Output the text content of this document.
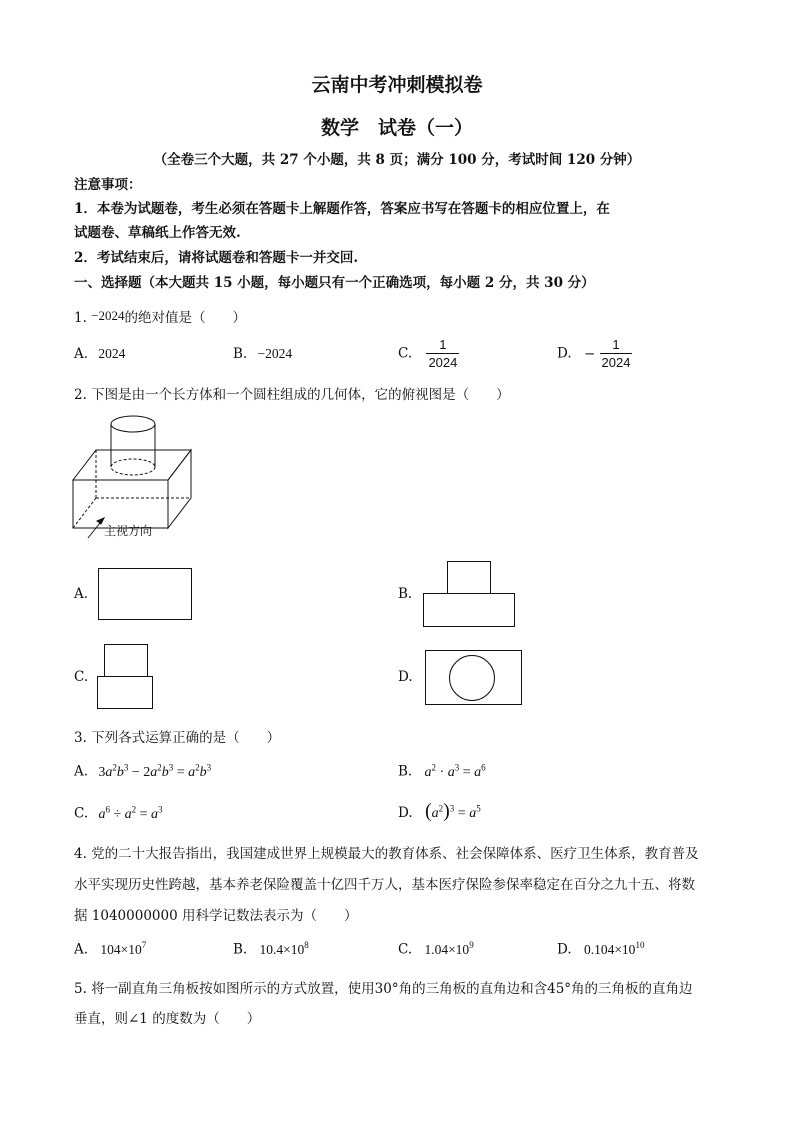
云南中考冲刺模拟卷
数学　试卷（一）
（全卷三个大题，共 27 个小题，共 8 页；满分 100 分，考试时间 120 分钟）
注意事项：
1．本卷为试题卷，考生必须在答题卡上解题作答，答案应书写在答题卡的相应位置上，在
试题卷、草稿纸上作答无效.
2．考试结束后，请将试题卷和答题卡一并交回.
一、选择题（本大题共 15 小题，每小题只有一个正确选项，每小题 2 分，共 30 分）
1. −2024的绝对值是（　　）
A. 2024	B. −2024	C. $\frac{1}{2024}$	D. − $\frac{1}{2024}$
2. 下图是由一个长方体和一个圆柱组成的几何体，它的俯视图是（　　）
主视方向
A.	B.
C.	D.
3. 下列各式运算正确的是（　　）
A. $3a^2b^3 - 2a^2b^3 = a^2b^3$	B. $a^2 \cdot a^3 = a^6$
C. $a^6 \div a^2 = a^3$	D. $(a^2)^3 = a^5$
4. 党的二十大报告指出，我国建成世界上规模最大的教育体系、社会保障体系、医疗卫生体系，教育普及
水平实现历史性跨越，基本养老保险覆盖十亿四千万人，基本医疗保险参保率稳定在百分之九十五、将数
据 1040000000 用科学记数法表示为（　　）
A. $104\times 10^7$	B. $10.4\times 10^8$	C. $1.04\times 10^9$	D. $0.104\times 10^{10}$
5. 将一副直角三角板按如图所示的方式放置，使用30°角的三角板的直角边和含45°角的三角板的直角边
垂直，则∠1 的度数为（　　）
